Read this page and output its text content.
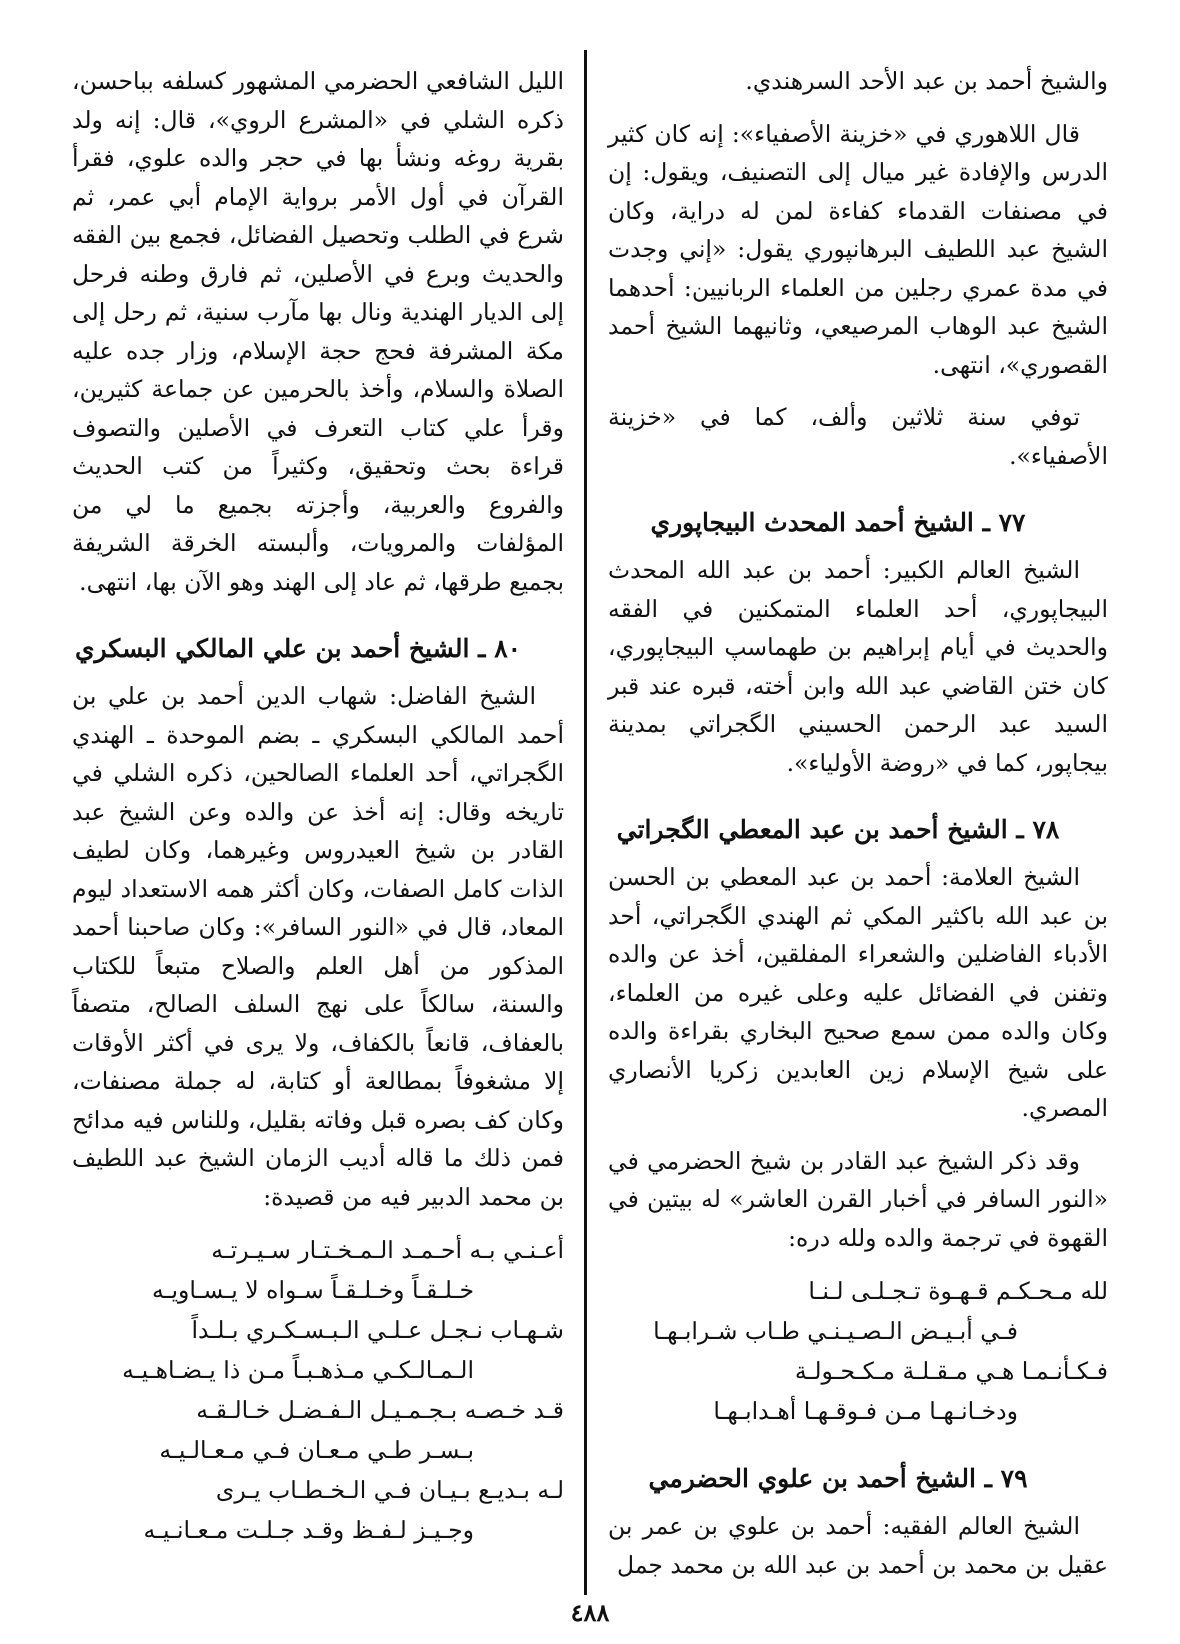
والشيخ أحمد بن عبد الأحد السرهندي.

قال اللاهوري في «خزينة الأصفياء»: إنه كان كثير الدرس والإفادة غير ميال إلى التصنيف، ويقول: إن في مصنفات القدماء كفاءة لمن له دراية، وكان الشيخ عبد اللطيف البرهانپوري يقول: «إني وجدت في مدة عمري رجلين من العلماء الربانيين: أحدهما الشيخ عبد الوهاب المرصيعي، وثانيهما الشيخ أحمد القصوري»، انتهى.

توفي سنة ثلاثين وألف، كما في «خزينة الأصفياء».

٧٧ ـ الشيخ أحمد المحدث البيجاپوري

الشيخ العالم الكبير: أحمد بن عبد الله المحدث البيجاپوري، أحد العلماء المتمكنين في الفقه والحديث في أيام إبراهيم بن طهماسپ البيجاپوري، كان ختن القاضي عبد الله وابن أخته، قبره عند قبر السيد عبد الرحمن الحسيني الگجراتي بمدينة بيجاپور، كما في «روضة الأولياء».

٧٨ ـ الشيخ أحمد بن عبد المعطي الگجراتي

الشيخ العلامة: أحمد بن عبد المعطي بن الحسن بن عبد الله باكثير المكي ثم الهندي الگجراتي، أحد الأدباء الفاضلين والشعراء المفلقين، أخذ عن والده وتفنن في الفضائل عليه وعلى غيره من العلماء، وكان والده ممن سمع صحيح البخاري بقراءة والده على شيخ الإسلام زين العابدين زكريا الأنصاري المصري.

وقد ذكر الشيخ عبد القادر بن شيخ الحضرمي في «النور السافر في أخبار القرن العاشر» له بيتين في القهوة في ترجمة والده ولله دره:

لله مـحـكـم قـهـوة تـجـلـى لـنـا
فـي أبـيـض الـصـيـنـي طـاب شـرابـهـا
فـكـأنـمـا هـي مـقـلـة مـكـحـولـة
ودخـانـهـا مـن فـوقـهـا أهـدابـهـا
٧٩ ـ الشيخ أحمد بن علوي الحضرمي

الشيخ العالم الفقيه: أحمد بن علوي بن عمر بن عقيل بن محمد بن أحمد بن عبد الله بن محمد جمل

الليل الشافعي الحضرمي المشهور كسلفه بباحسن، ذكره الشلي في «المشرع الروي»، قال: إنه ولد بقرية روغه ونشأ بها في حجر والده علوي، فقرأ القرآن في أول الأمر برواية الإمام أبي عمر، ثم شرع في الطلب وتحصيل الفضائل، فجمع بين الفقه والحديث وبرع في الأصلين، ثم فارق وطنه فرحل إلى الديار الهندية ونال بها مآرب سنية، ثم رحل إلى مكة المشرفة فحج حجة الإسلام، وزار جده عليه الصلاة والسلام، وأخذ بالحرمين عن جماعة كثيرين، وقرأ علي كتاب التعرف في الأصلين والتصوف قراءة بحث وتحقيق، وكثيراً من كتب الحديث والفروع والعربية، وأجزته بجميع ما لي من المؤلفات والمرويات، وألبسته الخرقة الشريفة بجميع طرقها، ثم عاد إلى الهند وهو الآن بها، انتهى.

٨٠ ـ الشيخ أحمد بن علي المالكي البسكري

الشيخ الفاضل: شهاب الدين أحمد بن علي بن أحمد المالكي البسكري ـ بضم الموحدة ـ الهندي الگجراتي، أحد العلماء الصالحين، ذكره الشلي في تاريخه وقال: إنه أخذ عن والده وعن الشيخ عبد القادر بن شيخ العيدروس وغيرهما، وكان لطيف الذات كامل الصفات، وكان أكثر همه الاستعداد ليوم المعاد، قال في «النور السافر»: وكان صاحبنا أحمد المذكور من أهل العلم والصلاح متبعاً للكتاب والسنة، سالكاً على نهج السلف الصالح، متصفاً بالعفاف، قانعاً بالكفاف، ولا يرى في أكثر الأوقات إلا مشغوفاً بمطالعة أو كتابة، له جملة مصنفات، وكان كف بصره قبل وفاته بقليل، وللناس فيه مدائح فمن ذلك ما قاله أديب الزمان الشيخ عبد اللطيف بن محمد الدبير فيه من قصيدة:

أعـنـي بـه أحـمـد الـمـخـتـار سـيـرتـه
خـلـقـاً وخـلـقـاً سـواه لا يـسـاويـه
شـهـاب نـجـل عـلـي الـبـسـكـري بـلـداً
الـمـالـكـي مـذهـبـاً مـن ذا يـضـاهـيـه
قـد خـصـه بـجـمـيـل الـفـضـل خـالـقـه
بـسـر طـي مـعـان فـي مـعـالـيـه
لـه بـديـع بـيـان فـي الـخـطـاب يـرى
وجـيـز لـفـظ وقـد جـلـت مـعـانـيـه
٤٨٨
